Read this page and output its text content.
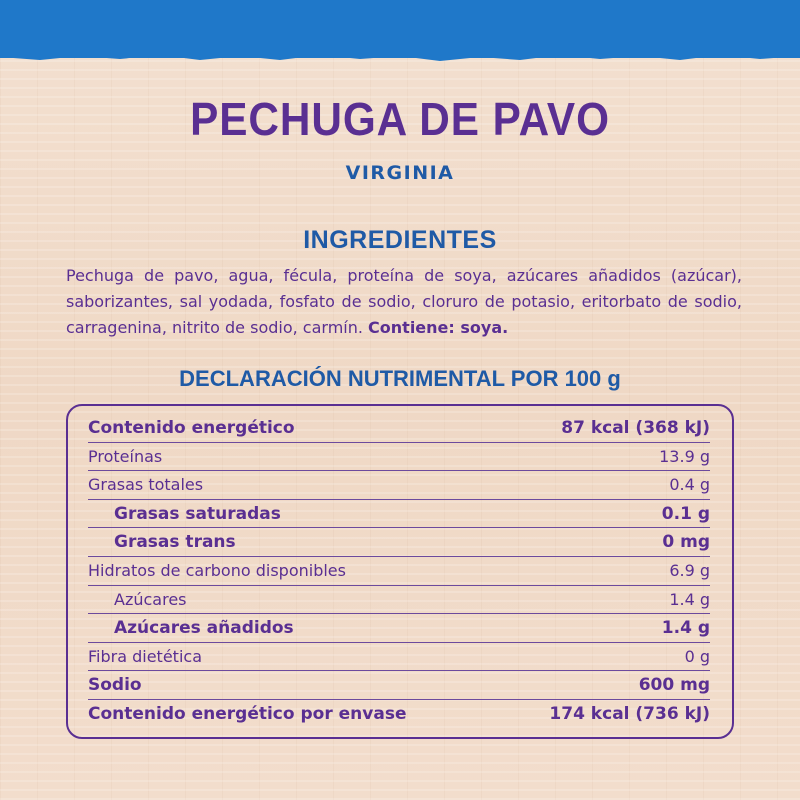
PECHUGA DE PAVO
VIRGINIA
INGREDIENTES
Pechuga de pavo, agua, fécula, proteína de soya, azúcares añadidos (azúcar), saborizantes, sal yodada, fosfato de sodio, cloruro de potasio, eritorbato de sodio, carragenina, nitrito de sodio, carmín. Contiene: soya.
DECLARACIÓN NUTRIMENTAL POR 100 g
Contenido energético	87 kcal (368 kJ)
Proteínas	13.9 g
Grasas totales	0.4 g
Grasas saturadas	0.1 g
Grasas trans	0 mg
Hidratos de carbono disponibles	6.9 g
Azúcares	1.4 g
Azúcares añadidos	1.4 g
Fibra dietética	0 g
Sodio	600 mg
Contenido energético por envase	174 kcal (736 kJ)
